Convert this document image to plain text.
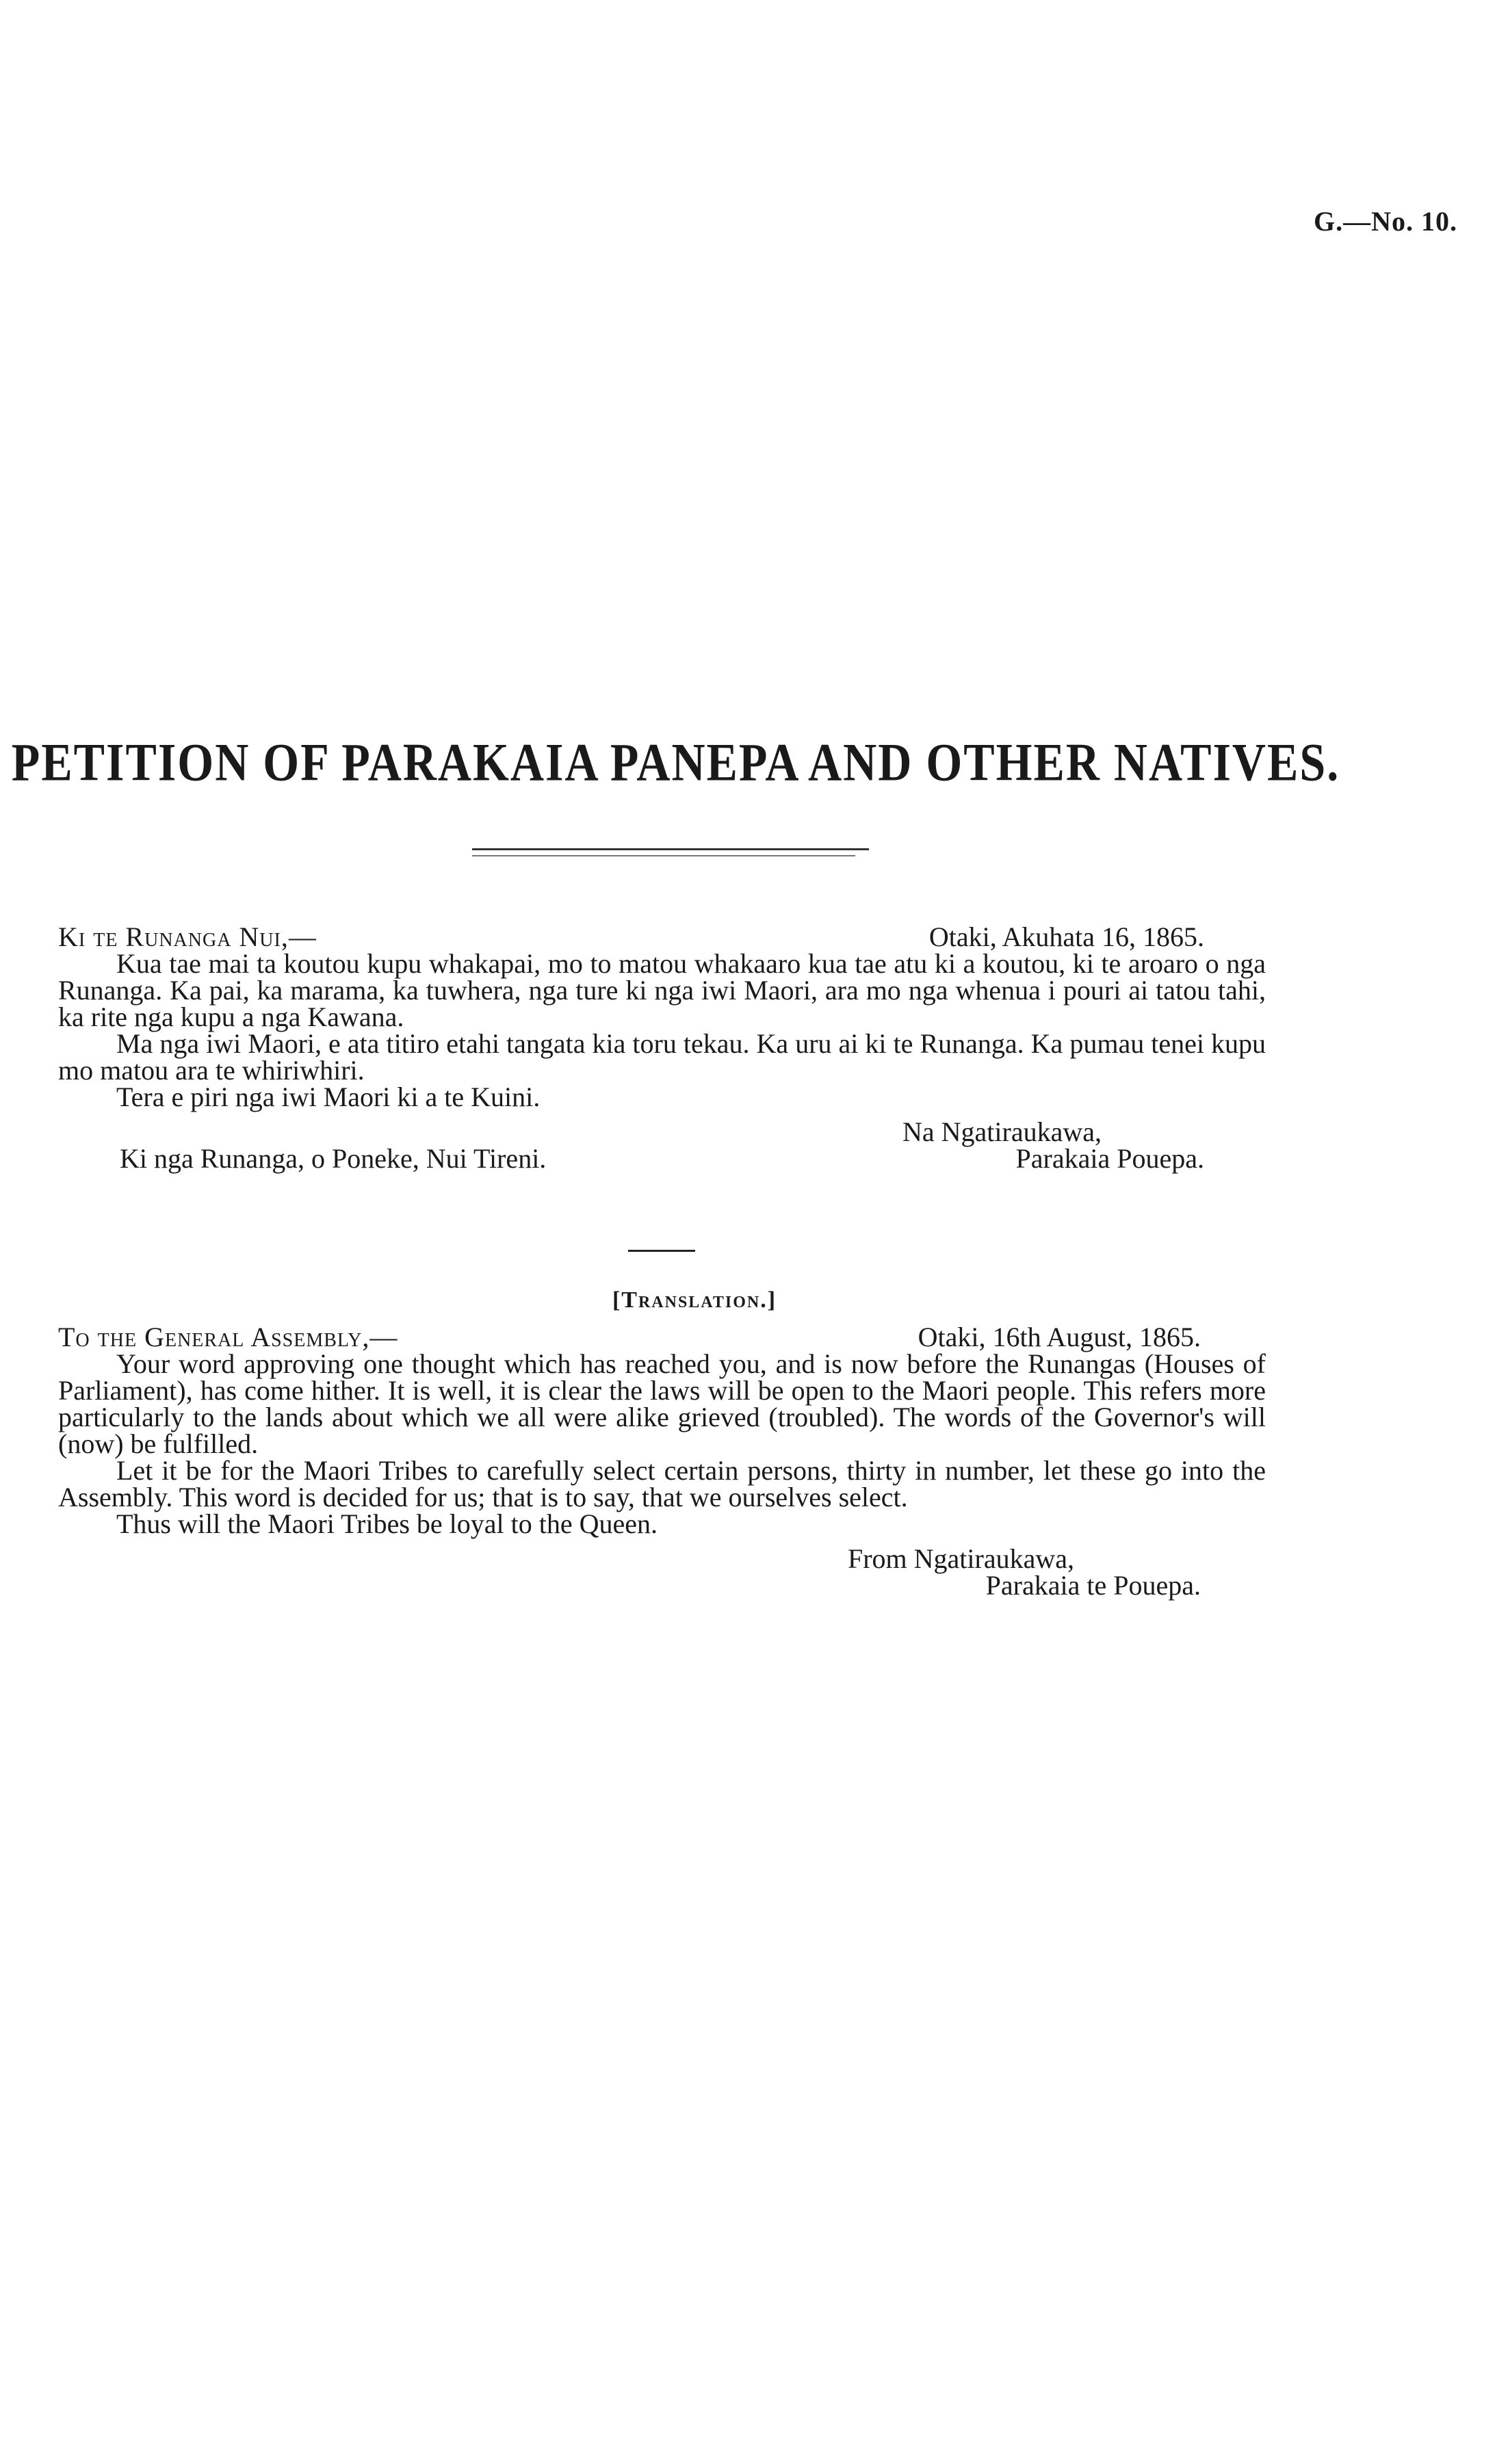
G.—No. 10.
PETITION OF PARAKAIA PANEPA AND OTHER NATIVES.
Ki te Runanga Nui,—	Otaki, Akuhata 16, 1865.

Kua tae mai ta koutou kupu whakapai, mo to matou whakaaro kua tae atu ki a koutou, ki te aroaro o nga Runanga. Ka pai, ka marama, ka tuwhera, nga ture ki nga iwi Maori, ara mo nga whenua i pouri ai tatou tahi, ka rite nga kupu a nga Kawana.

Ma nga iwi Maori, e ata titiro etahi tangata kia toru tekau. Ka uru ai ki te Runanga. Ka pumau tenei kupu mo matou ara te whiriwhiri.

Tera e piri nga iwi Maori ki a te Kuini.

Na Ngatiraukawa,
Ki nga Runanga, o Poneke, Nui Tireni.	Parakaia Pouepa.
[Translation.]
To the General Assembly,—	Otaki, 16th August, 1865.

Your word approving one thought which has reached you, and is now before the Runangas (Houses of Parliament), has come hither. It is well, it is clear the laws will be open to the Maori people. This refers more particularly to the lands about which we all were alike grieved (troubled). The words of the Governor's will (now) be fulfilled.

Let it be for the Maori Tribes to carefully select certain persons, thirty in number, let these go into the Assembly. This word is decided for us; that is to say, that we ourselves select.

Thus will the Maori Tribes be loyal to the Queen.

From Ngatiraukawa,
Parakaia te Pouepa.
